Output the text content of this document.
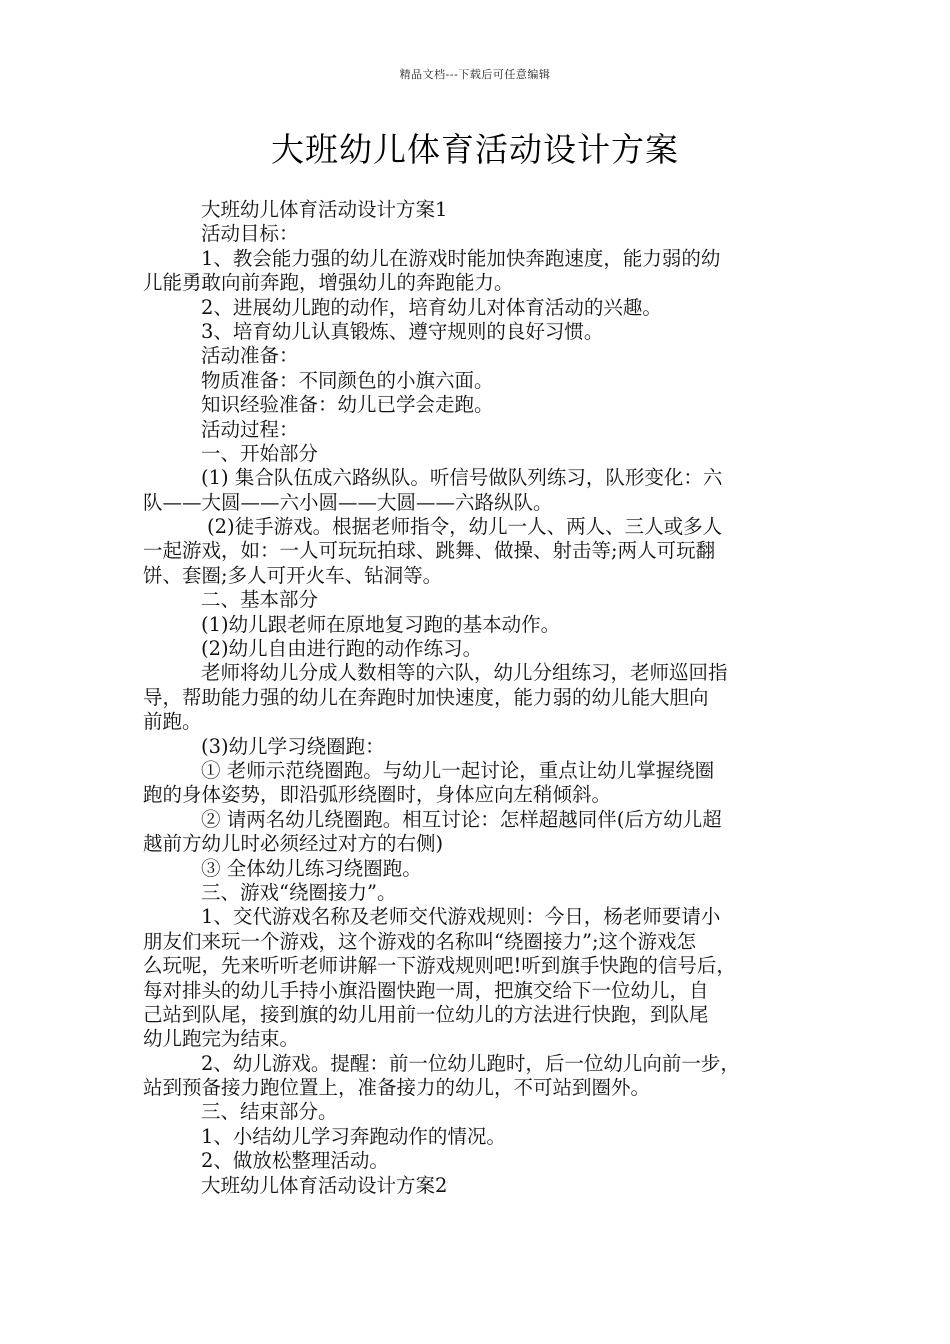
精品文档---下载后可任意编辑
大班幼儿体育活动设计方案
大班幼儿体育活动设计方案1
活动目标：
1、教会能力强的幼儿在游戏时能加快奔跑速度，能力弱的幼
儿能勇敢向前奔跑，增强幼儿的奔跑能力。
2、进展幼儿跑的动作，培育幼儿对体育活动的兴趣。
3、培育幼儿认真锻炼、遵守规则的良好习惯。
活动准备：
物质准备：不同颜色的小旗六面。
知识经验准备：幼儿已学会走跑。
活动过程：
一、开始部分
(1) 集合队伍成六路纵队。听信号做队列练习，队形变化：六
队——大圆——六小圆——大圆——六路纵队。
(2)徒手游戏。根据老师指令，幼儿一人、两人、三人或多人
一起游戏，如：一人可玩玩拍球、跳舞、做操、射击等;两人可玩翻
饼、套圈;多人可开火车、钻洞等。
二、基本部分
(1)幼儿跟老师在原地复习跑的基本动作。
(2)幼儿自由进行跑的动作练习。
老师将幼儿分成人数相等的六队，幼儿分组练习，老师巡回指
导，帮助能力强的幼儿在奔跑时加快速度，能力弱的幼儿能大胆向
前跑。
(3)幼儿学习绕圈跑：
① 老师示范绕圈跑。与幼儿一起讨论，重点让幼儿掌握绕圈
跑的身体姿势，即沿弧形绕圈时，身体应向左稍倾斜。
② 请两名幼儿绕圈跑。相互讨论：怎样超越同伴(后方幼儿超
越前方幼儿时必须经过对方的右侧)
③ 全体幼儿练习绕圈跑。
三、游戏“绕圈接力”。
1、交代游戏名称及老师交代游戏规则：今日，杨老师要请小
朋友们来玩一个游戏，这个游戏的名称叫“绕圈接力”;这个游戏怎
么玩呢，先来听听老师讲解一下游戏规则吧!听到旗手快跑的信号后，
每对排头的幼儿手持小旗沿圈快跑一周，把旗交给下一位幼儿，自
己站到队尾，接到旗的幼儿用前一位幼儿的方法进行快跑，到队尾
幼儿跑完为结束。
2、幼儿游戏。提醒：前一位幼儿跑时，后一位幼儿向前一步，
站到预备接力跑位置上，准备接力的幼儿，不可站到圈外。
三、结束部分。
1、小结幼儿学习奔跑动作的情况。
2、做放松整理活动。
大班幼儿体育活动设计方案2
